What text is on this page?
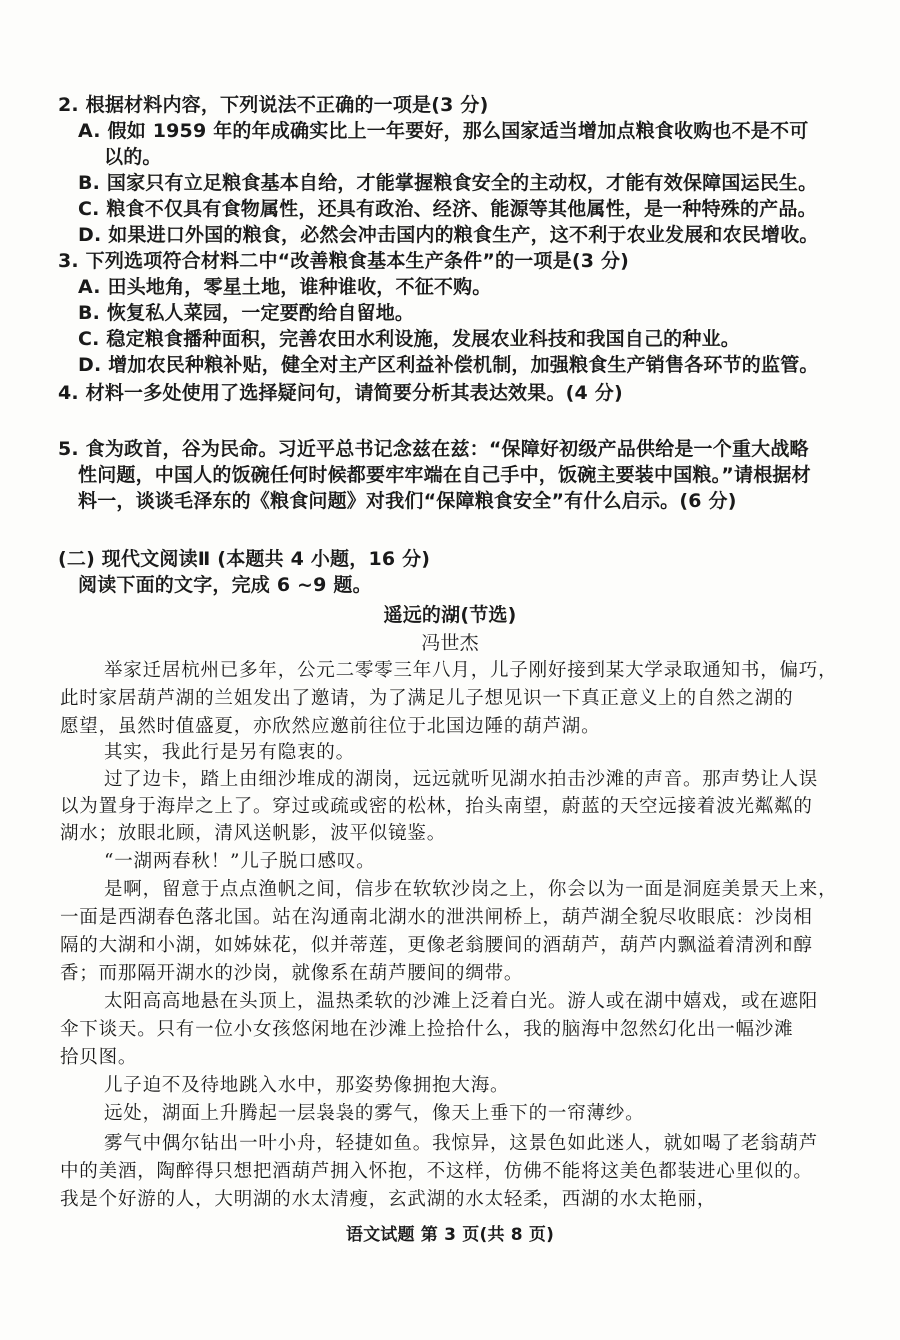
2. 根据材料内容，下列说法不正确的一项是(3 分)
A. 假如 1959 年的年成确实比上一年要好，那么国家适当增加点粮食收购也不是不可
以的。
B. 国家只有立足粮食基本自给，才能掌握粮食安全的主动权，才能有效保障国运民生。
C. 粮食不仅具有食物属性，还具有政治、经济、能源等其他属性，是一种特殊的产品。
D. 如果进口外国的粮食，必然会冲击国内的粮食生产，这不利于农业发展和农民增收。
3. 下列选项符合材料二中“改善粮食基本生产条件”的一项是(3 分)
A. 田头地角，零星土地，谁种谁收，不征不购。
B. 恢复私人菜园，一定要酌给自留地。
C. 稳定粮食播种面积，完善农田水利设施，发展农业科技和我国自己的种业。
D. 增加农民种粮补贴，健全对主产区利益补偿机制，加强粮食生产销售各环节的监管。
4. 材料一多处使用了选择疑问句，请简要分析其表达效果。(4 分)
5. 食为政首，谷为民命。习近平总书记念兹在兹：“保障好初级产品供给是一个重大战略
性问题，中国人的饭碗任何时候都要牢牢端在自己手中，饭碗主要装中国粮。”请根据材
料一，谈谈毛泽东的《粮食问题》对我们“保障粮食安全”有什么启示。(6 分)
(二) 现代文阅读Ⅱ (本题共 4 小题，16 分)
阅读下面的文字，完成 6 ~9 题。
遥远的湖(节选)
冯世杰
举家迁居杭州已多年，公元二零零三年八月，儿子刚好接到某大学录取通知书，偏巧，
此时家居葫芦湖的兰姐发出了邀请，为了满足儿子想见识一下真正意义上的自然之湖的
愿望，虽然时值盛夏，亦欣然应邀前往位于北国边陲的葫芦湖。
其实，我此行是另有隐衷的。
过了边卡，踏上由细沙堆成的湖岗，远远就听见湖水拍击沙滩的声音。那声势让人误
以为置身于海岸之上了。穿过或疏或密的松林，抬头南望，蔚蓝的天空远接着波光粼粼的
湖水；放眼北顾，清风送帆影，波平似镜鉴。
“一湖两春秋！”儿子脱口感叹。
是啊，留意于点点渔帆之间，信步在软软沙岗之上，你会以为一面是洞庭美景天上来，
一面是西湖春色落北国。站在沟通南北湖水的泄洪闸桥上，葫芦湖全貌尽收眼底：沙岗相
隔的大湖和小湖，如姊妹花，似并蒂莲，更像老翁腰间的酒葫芦，葫芦内飘溢着清洌和醇
香；而那隔开湖水的沙岗，就像系在葫芦腰间的绸带。
太阳高高地悬在头顶上，温热柔软的沙滩上泛着白光。游人或在湖中嬉戏，或在遮阳
伞下谈天。只有一位小女孩悠闲地在沙滩上捡拾什么，我的脑海中忽然幻化出一幅沙滩
拾贝图。
儿子迫不及待地跳入水中，那姿势像拥抱大海。
远处，湖面上升腾起一层袅袅的雾气，像天上垂下的一帘薄纱。
雾气中偶尔钻出一叶小舟，轻捷如鱼。我惊异，这景色如此迷人，就如喝了老翁葫芦
中的美酒，陶醉得只想把酒葫芦拥入怀抱，不这样，仿佛不能将这美色都装进心里似的。
我是个好游的人，大明湖的水太清瘦，玄武湖的水太轻柔，西湖的水太艳丽，
语文试题 第 3 页(共 8 页)
